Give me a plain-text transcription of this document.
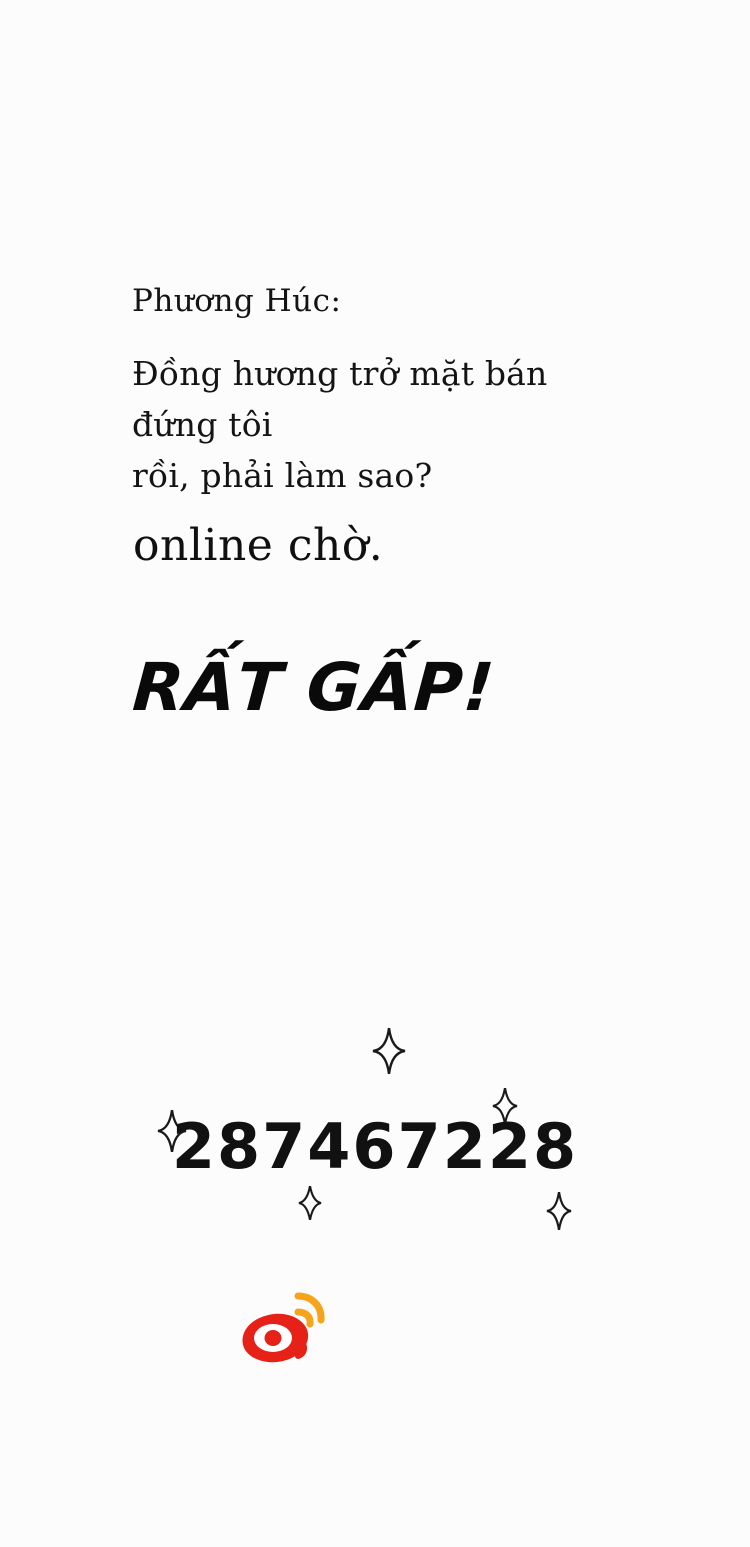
Phương Húc:

Đồng hương trở mặt bán đứng tôi

rồi, phải làm sao?

online chờ.
RẤT GẤP!
287467228
